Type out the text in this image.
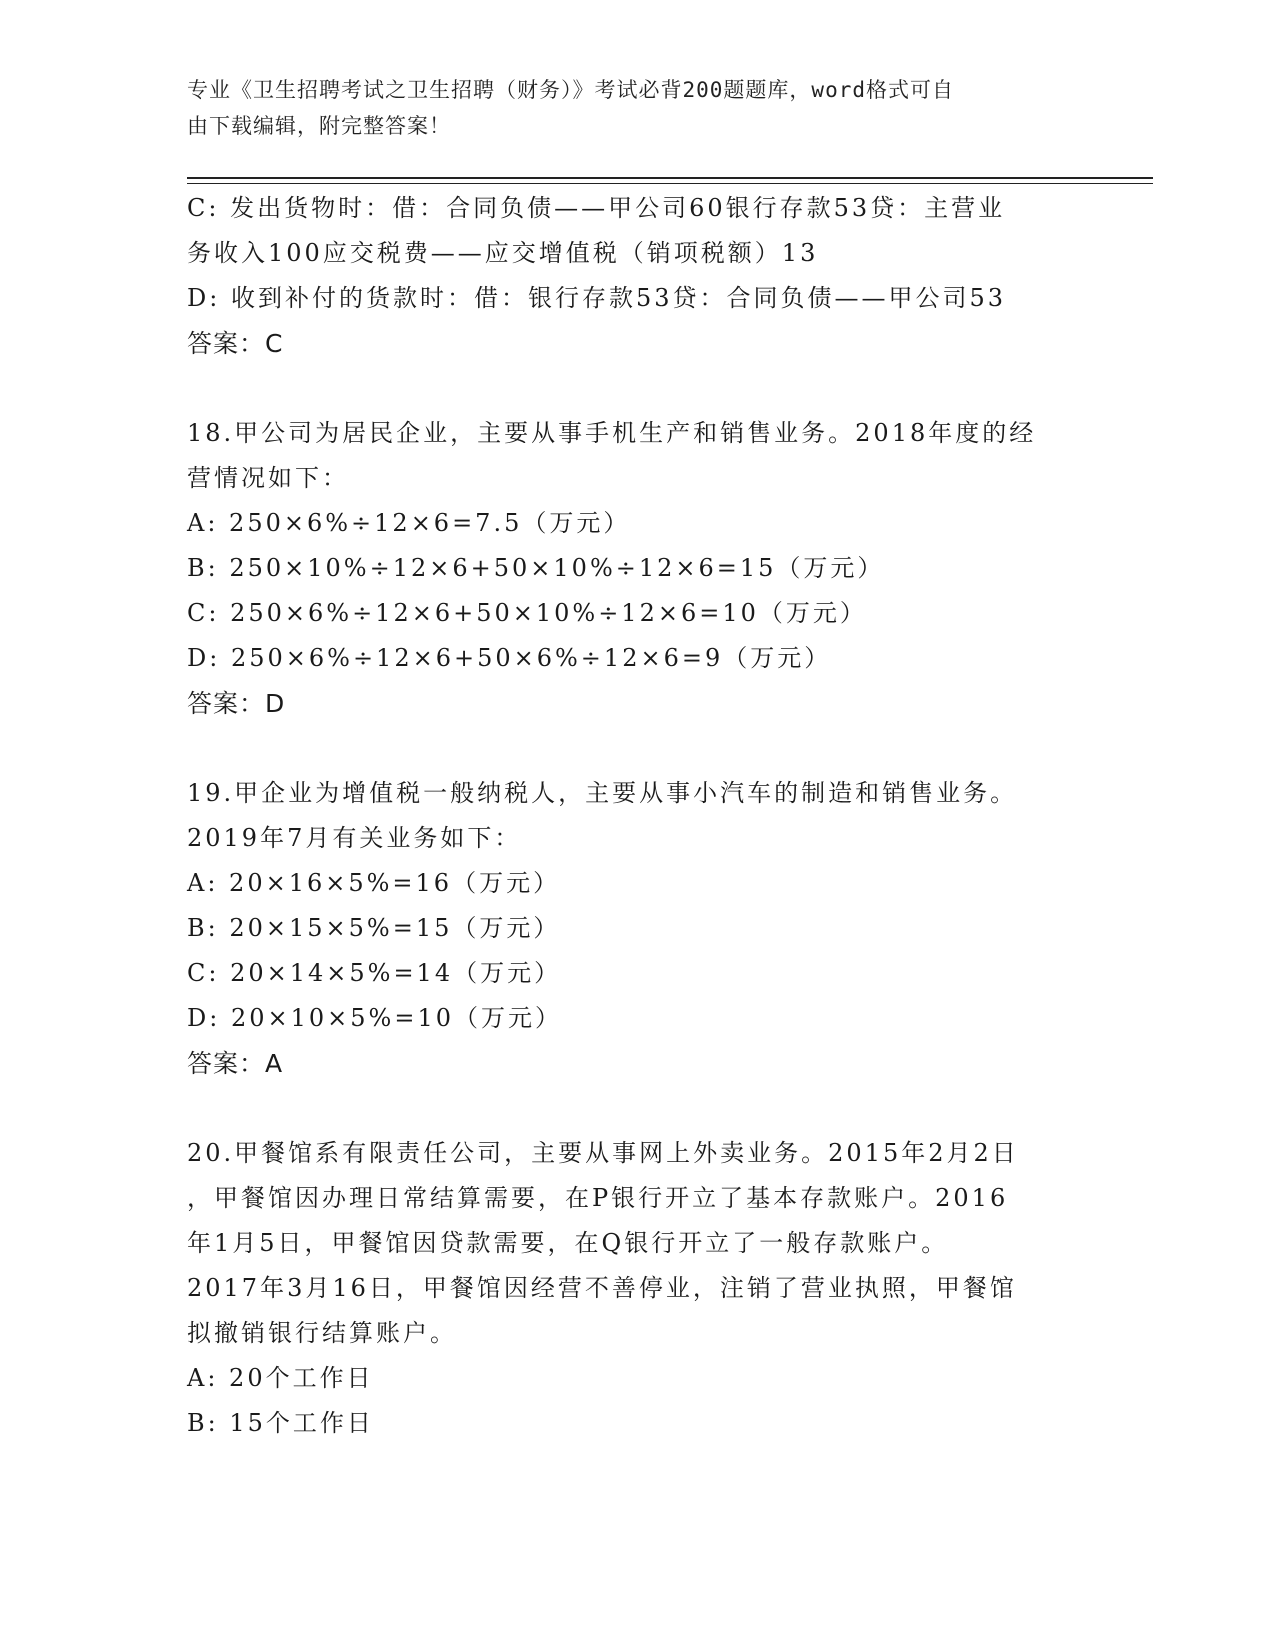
专业《卫生招聘考试之卫生招聘（财务）》考试必背200题题库，word格式可自
由下载编辑，附完整答案！
C: 发出货物时：借：合同负债——甲公司60银行存款53贷：主营业
务收入100应交税费——应交增值税（销项税额）13
D: 收到补付的货款时：借：银行存款53贷：合同负债——甲公司53
答案：C
18.甲公司为居民企业，主要从事手机生产和销售业务。2018年度的经
营情况如下：
A: 250×6%÷12×6=7.5（万元）
B: 250×10%÷12×6+50×10%÷12×6=15（万元）
C: 250×6%÷12×6+50×10%÷12×6=10（万元）
D: 250×6%÷12×6+50×6%÷12×6=9（万元）
答案：D
19.甲企业为增值税一般纳税人，主要从事小汽车的制造和销售业务。
2019年7月有关业务如下：
A: 20×16×5%=16（万元）
B: 20×15×5%=15（万元）
C: 20×14×5%=14（万元）
D: 20×10×5%=10（万元）
答案：A
20.甲餐馆系有限责任公司，主要从事网上外卖业务。2015年2月2日
，甲餐馆因办理日常结算需要，在P银行开立了基本存款账户。2016
年1月5日，甲餐馆因贷款需要，在Q银行开立了一般存款账户。
2017年3月16日，甲餐馆因经营不善停业，注销了营业执照，甲餐馆
拟撤销银行结算账户。
A: 20个工作日
B: 15个工作日
